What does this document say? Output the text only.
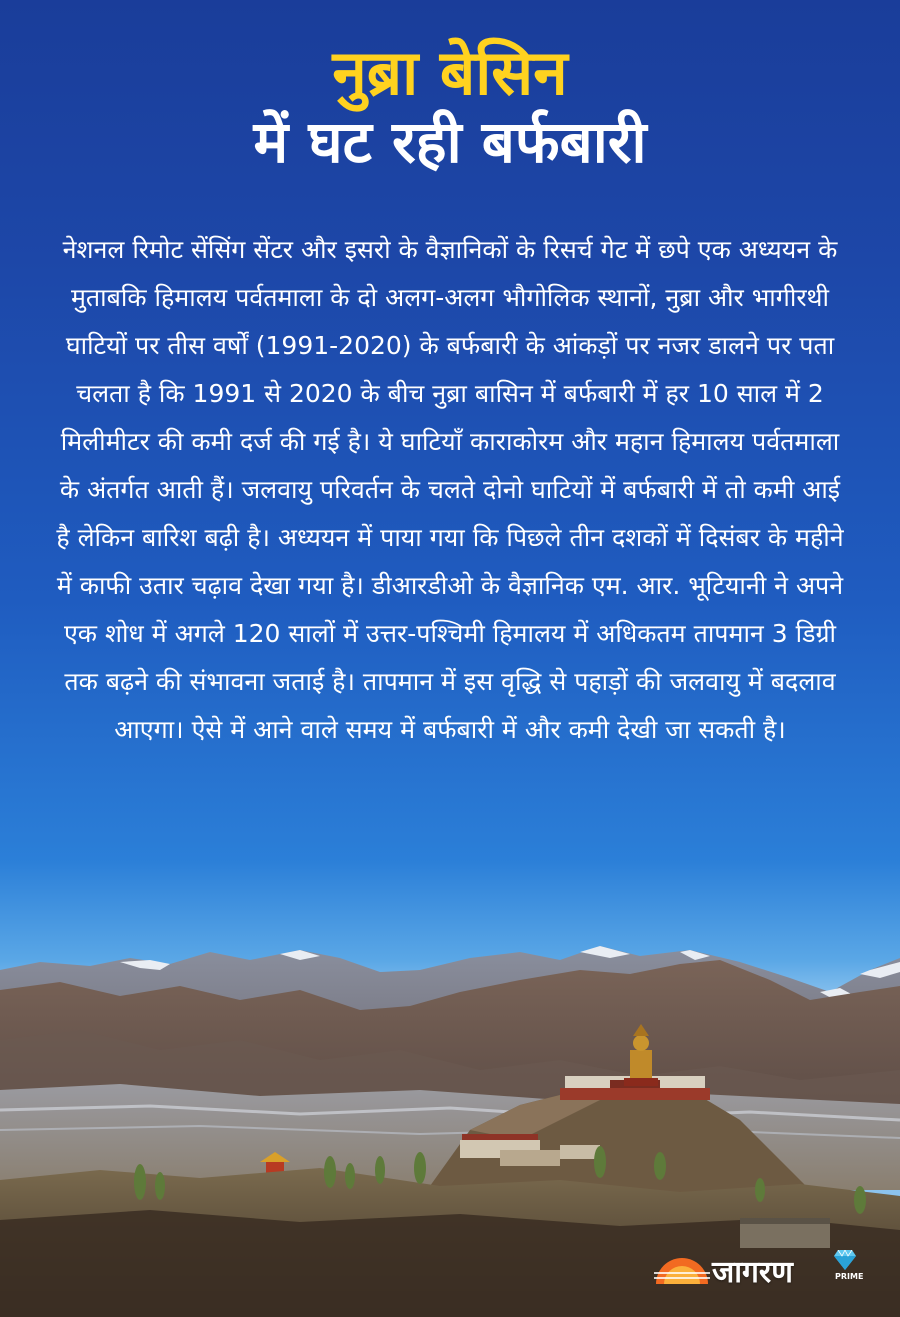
नुब्रा बेसिन
में घट रही बर्फबारी
नेशनल रिमोट सेंसिंग सेंटर और इसरो के वैज्ञानिकों के रिसर्च गेट में छपे एक अध्ययन के मुताबकि हिमालय पर्वतमाला के दो अलग-अलग भौगोलिक स्थानों, नुब्रा और भागीरथी घाटियों पर तीस वर्षों (1991-2020) के बर्फबारी के आंकड़ों पर नजर डालने पर पता चलता है कि 1991 से 2020 के बीच नुब्रा बासिन में बर्फबारी में हर 10 साल में 2 मिलीमीटर की कमी दर्ज की गई है। ये घाटियाँ काराकोरम और महान हिमालय पर्वतमाला के अंतर्गत आती हैं। जलवायु परिवर्तन के चलते दोनो घाटियों में बर्फबारी में तो कमी आई है लेकिन बारिश बढ़ी है। अध्ययन में पाया गया कि पिछले तीन दशकों में दिसंबर के महीने में काफी उतार चढ़ाव देखा गया है। डीआरडीओ के वैज्ञानिक एम. आर. भूटियानी ने अपने एक शोध में अगले 120 सालों में उत्तर-पश्चिमी हिमालय में अधिकतम तापमान 3 डिग्री तक बढ़ने की संभावना जताई है। तापमान में इस वृद्धि से पहाड़ों की जलवायु में बदलाव आएगा। ऐसे में आने वाले समय में बर्फबारी में और कमी देखी जा सकती है।
जागरण	PRIME
